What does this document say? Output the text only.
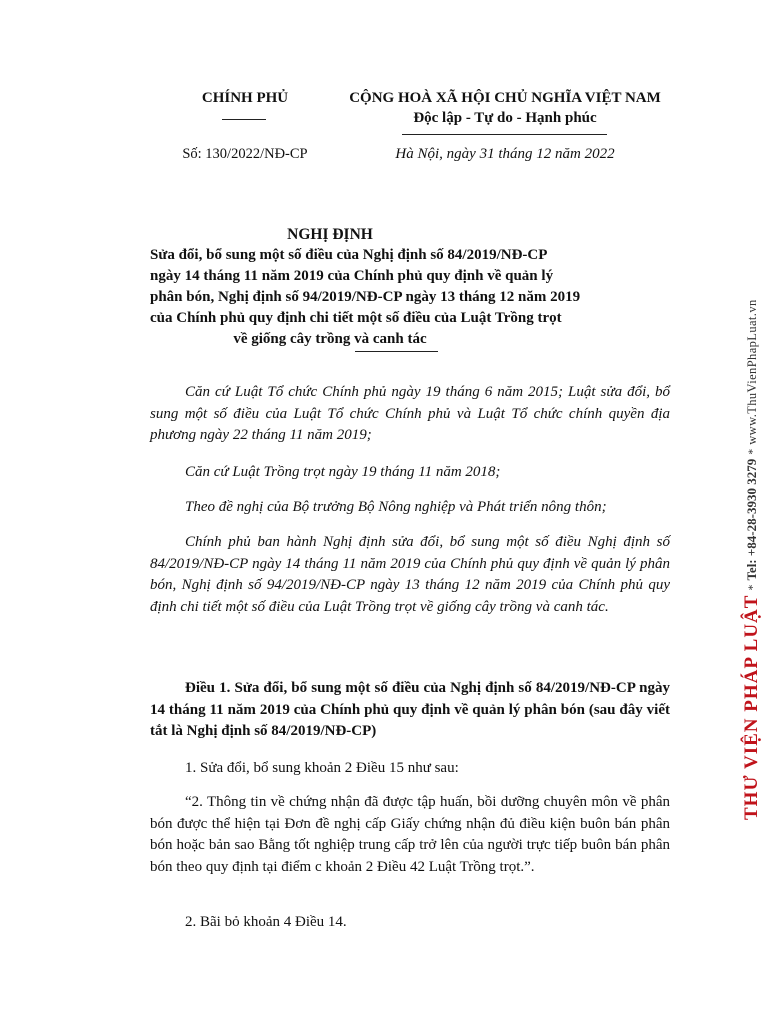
CHÍNH PHỦ
Số: 130/2022/NĐ-CP
CỘNG HOÀ XÃ HỘI CHỦ NGHĨA VIỆT NAM
Độc lập - Tự do - Hạnh phúc
Hà Nội, ngày 31 tháng 12 năm 2022
NGHỊ ĐỊNH
Sửa đổi, bổ sung một số điều của Nghị định số 84/2019/NĐ-CP
ngày 14 tháng 11 năm 2019 của Chính phủ quy định về quản lý
phân bón, Nghị định số 94/2019/NĐ-CP ngày 13 tháng 12 năm 2019
của Chính phủ quy định chi tiết một số điều của Luật Trồng trọt
về giống cây trồng và canh tác
Căn cứ Luật Tổ chức Chính phủ ngày 19 tháng 6 năm 2015; Luật sửa đổi, bổ sung một số điều của Luật Tổ chức Chính phủ và Luật Tổ chức chính quyền địa phương ngày 22 tháng 11 năm 2019;
Căn cứ Luật Trồng trọt ngày 19 tháng 11 năm 2018;
Theo đề nghị của Bộ trưởng Bộ Nông nghiệp và Phát triển nông thôn;
Chính phủ ban hành Nghị định sửa đổi, bổ sung một số điều Nghị định số 84/2019/NĐ-CP ngày 14 tháng 11 năm 2019 của Chính phủ quy định về quản lý phân bón, Nghị định số 94/2019/NĐ-CP ngày 13 tháng 12 năm 2019 của Chính phủ quy định chi tiết một số điều của Luật Trồng trọt về giống cây trồng và canh tác.
Điều 1. Sửa đổi, bổ sung một số điều của Nghị định số 84/2019/NĐ-CP ngày 14 tháng 11 năm 2019 của Chính phủ quy định về quản lý phân bón (sau đây viết tắt là Nghị định số 84/2019/NĐ-CP)
1. Sửa đổi, bổ sung khoản 2 Điều 15 như sau:
“2. Thông tin về chứng nhận đã được tập huấn, bồi dưỡng chuyên môn về phân bón được thể hiện tại Đơn đề nghị cấp Giấy chứng nhận đủ điều kiện buôn bán phân bón hoặc bản sao Bằng tốt nghiệp trung cấp trở lên của người trực tiếp buôn bán phân bón theo quy định tại điểm c khoản 2 Điều 42 Luật Trồng trọt.”.
2. Bãi bỏ khoản 4 Điều 14.
THƯ VIỆN PHÁP LUẬT
*
Tel: +84-28-3930 3279
*
www.ThuVienPhapLuat.vn
